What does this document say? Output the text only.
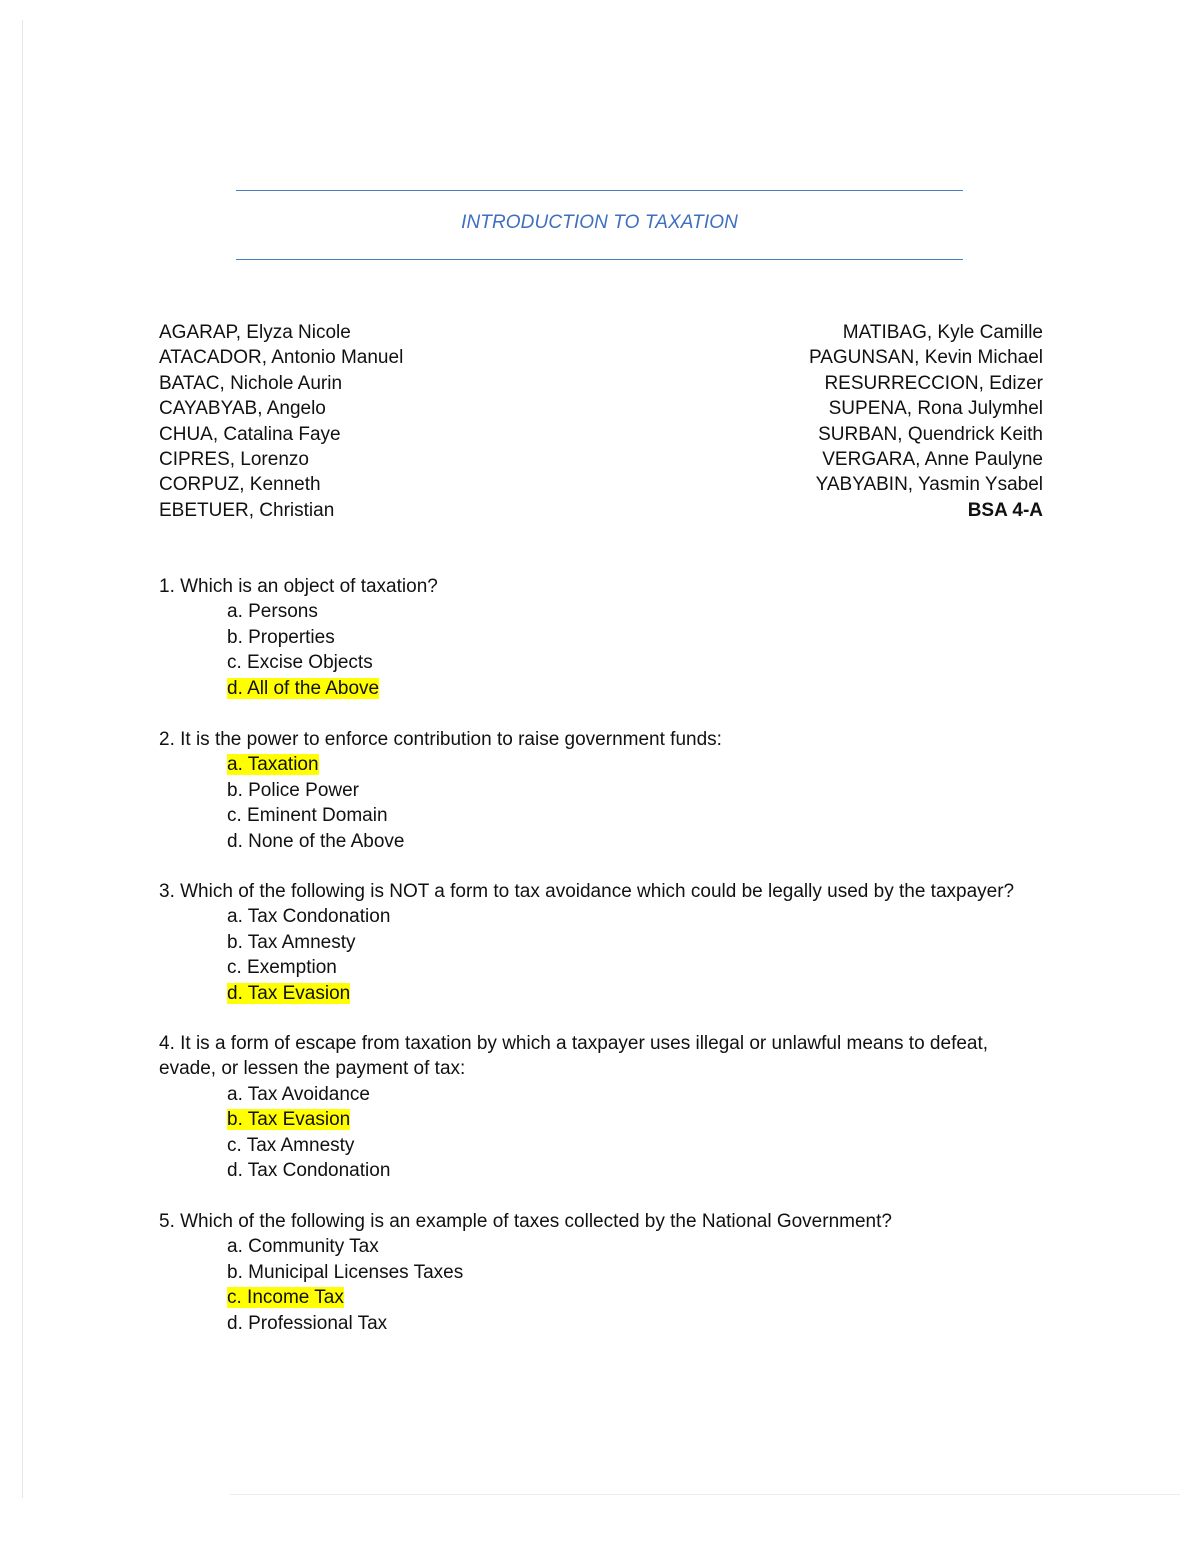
INTRODUCTION TO TAXATION
AGARAP, Elyza Nicole
ATACADOR, Antonio Manuel
BATAC, Nichole Aurin
CAYABYAB, Angelo
CHUA, Catalina Faye
CIPRES, Lorenzo
CORPUZ, Kenneth
EBETUER, Christian
MATIBAG, Kyle Camille
PAGUNSAN, Kevin Michael
RESURRECCION, Edizer
SUPENA, Rona Julymhel
SURBAN, Quendrick Keith
VERGARA, Anne Paulyne
YABYABIN, Yasmin Ysabel
BSA 4-A

1. Which is an object of taxation?

a. Persons
b. Properties
c. Excise Objects
d. All of the Above

2. It is the power to enforce contribution to raise government funds:

a. Taxation
b. Police Power
c. Eminent Domain
d. None of the Above

3. Which of the following is NOT a form to tax avoidance which could be legally used by the taxpayer?

a. Tax Condonation
b. Tax Amnesty
c. Exemption
d. Tax Evasion

4. It is a form of escape from taxation by which a taxpayer uses illegal or unlawful means to defeat, evade, or lessen the payment of tax:

a. Tax Avoidance
b. Tax Evasion
c. Tax Amnesty
d. Tax Condonation

5. Which of the following is an example of taxes collected by the National Government?

a. Community Tax
b. Municipal Licenses Taxes
c. Income Tax
d. Professional Tax
